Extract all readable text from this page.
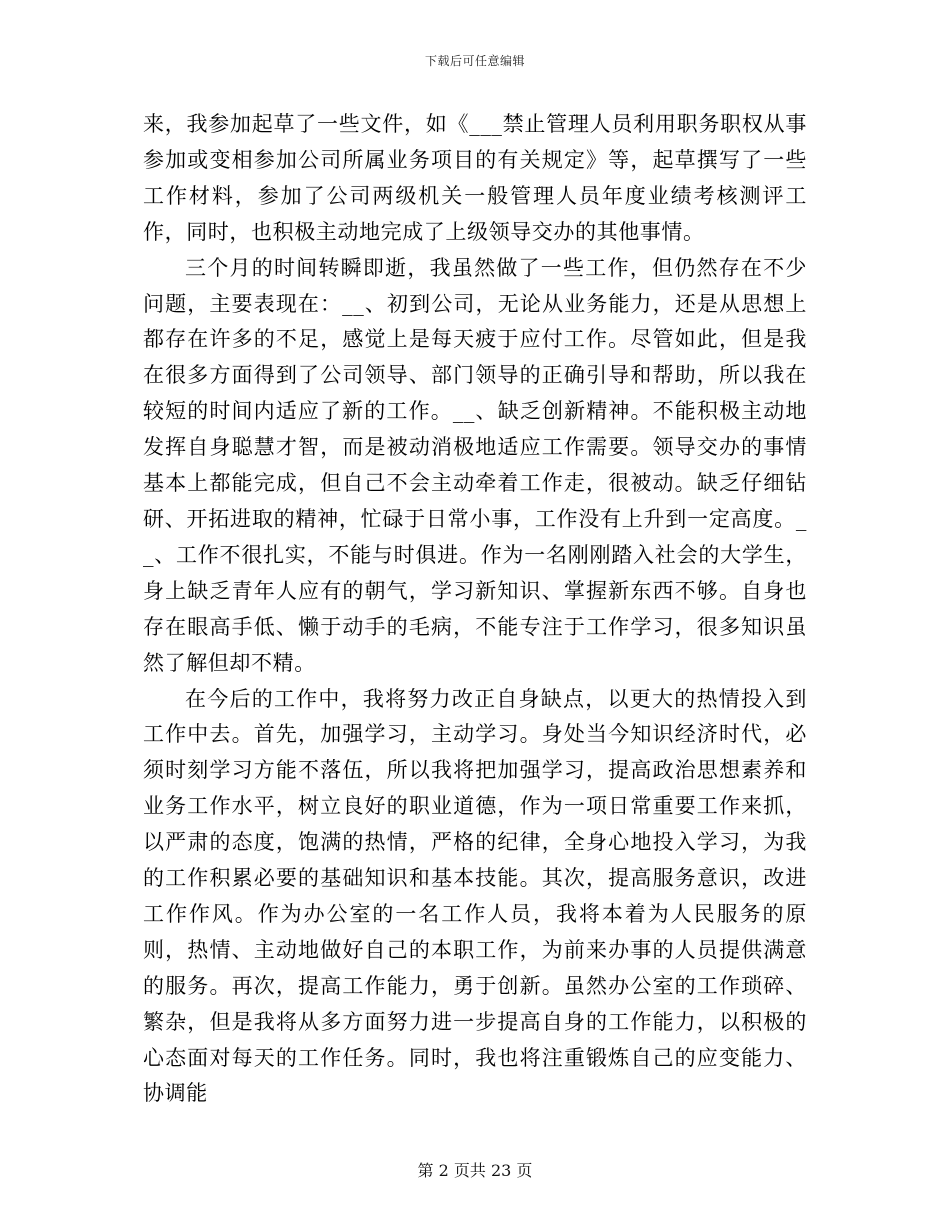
下载后可任意编辑

来，我参加起草了一些文件，如《___禁止管理人员利用职务职权从事参加或变相参加公司所属业务项目的有关规定》等，起草撰写了一些工作材料，参加了公司两级机关一般管理人员年度业绩考核测评工作，同时，也积极主动地完成了上级领导交办的其他事情。

三个月的时间转瞬即逝，我虽然做了一些工作，但仍然存在不少问题，主要表现在：__、初到公司，无论从业务能力，还是从思想上都存在许多的不足，感觉上是每天疲于应付工作。尽管如此，但是我在很多方面得到了公司领导、部门领导的正确引导和帮助，所以我在较短的时间内适应了新的工作。__、缺乏创新精神。不能积极主动地发挥自身聪慧才智，而是被动消极地适应工作需要。领导交办的事情基本上都能完成，但自己不会主动牵着工作走，很被动。缺乏仔细钻研、开拓进取的精神，忙碌于日常小事，工作没有上升到一定高度。__、工作不很扎实，不能与时俱进。作为一名刚刚踏入社会的大学生，身上缺乏青年人应有的朝气，学习新知识、掌握新东西不够。自身也存在眼高手低、懒于动手的毛病，不能专注于工作学习，很多知识虽然了解但却不精。

在今后的工作中，我将努力改正自身缺点，以更大的热情投入到工作中去。首先，加强学习，主动学习。身处当今知识经济时代，必须时刻学习方能不落伍，所以我将把加强学习，提高政治思想素养和业务工作水平，树立良好的职业道德，作为一项日常重要工作来抓，以严肃的态度，饱满的热情，严格的纪律，全身心地投入学习，为我的工作积累必要的基础知识和基本技能。其次，提高服务意识，改进工作作风。作为办公室的一名工作人员，我将本着为人民服务的原则，热情、主动地做好自己的本职工作，为前来办事的人员提供满意的服务。再次，提高工作能力，勇于创新。虽然办公室的工作琐碎、繁杂，但是我将从多方面努力进一步提高自身的工作能力，以积极的心态面对每天的工作任务。同时，我也将注重锻炼自己的应变能力、协调能

第 2 页共 23 页
